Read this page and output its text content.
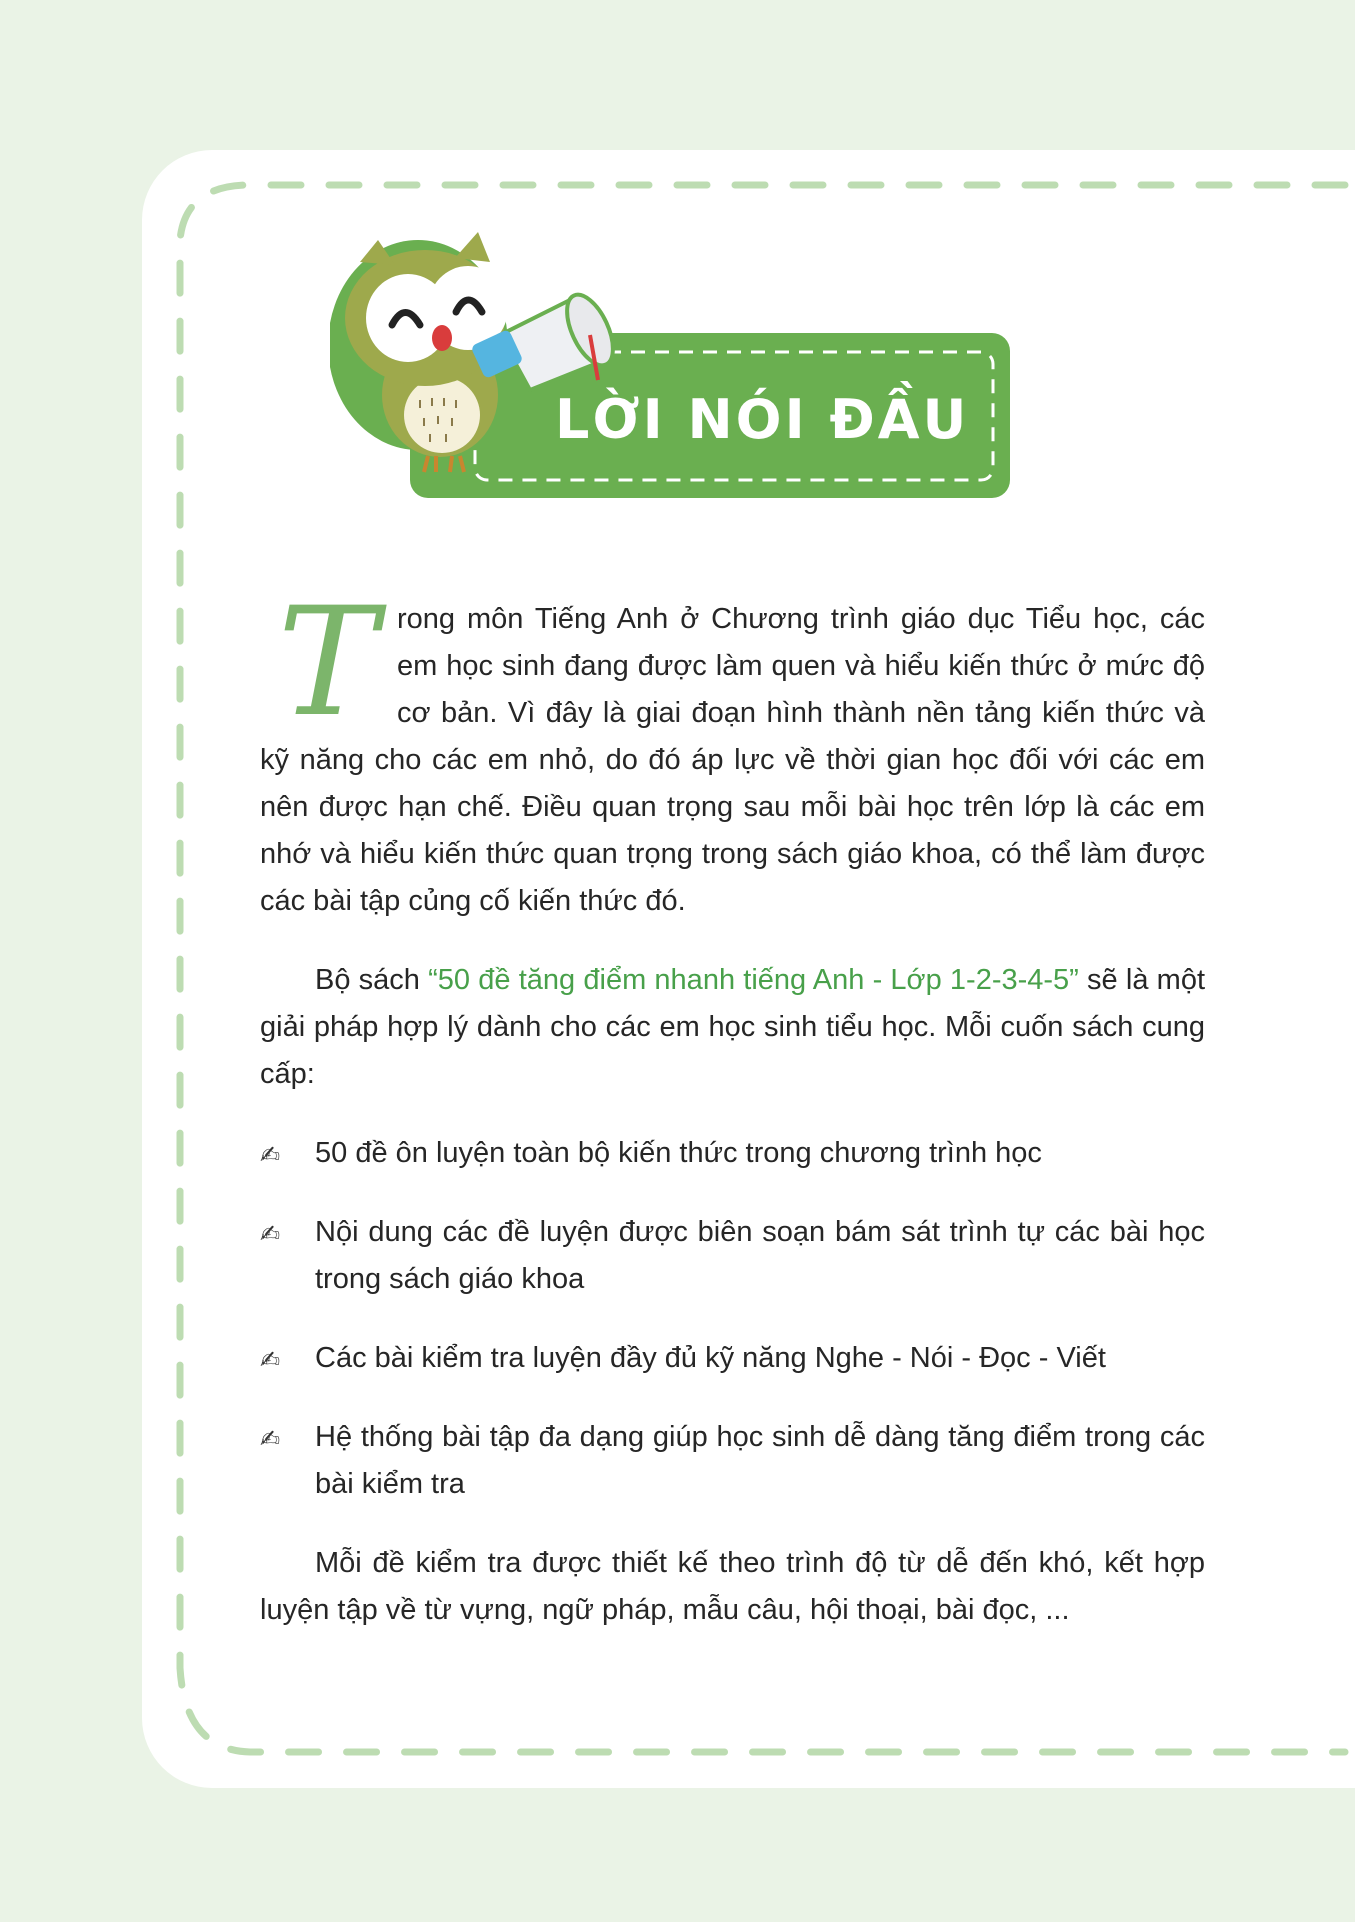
LỜI NÓI ĐẦU
T rong môn Tiếng Anh ở Chương trình giáo dục Tiểu học, các em học sinh đang được làm quen và hiểu kiến thức ở mức độ cơ bản. Vì đây là giai đoạn hình thành nền tảng kiến thức và kỹ năng cho các em nhỏ, do đó áp lực về thời gian học đối với các em nên được hạn chế. Điều quan trọng sau mỗi bài học trên lớp là các em nhớ và hiểu kiến thức quan trọng trong sách giáo khoa, có thể làm được các bài tập củng cố kiến thức đó.

Bộ sách “50 đề tăng điểm nhanh tiếng Anh - Lớp 1-2-3-4-5” sẽ là một giải pháp hợp lý dành cho các em học sinh tiểu học. Mỗi cuốn sách cung cấp:

✍	50 đề ôn luyện toàn bộ kiến thức trong chương trình học
✍	Nội dung các đề luyện được biên soạn bám sát trình tự các bài học trong sách giáo khoa
✍	Các bài kiểm tra luyện đầy đủ kỹ năng Nghe - Nói - Đọc - Viết
✍	Hệ thống bài tập đa dạng giúp học sinh dễ dàng tăng điểm trong các bài kiểm tra

Mỗi đề kiểm tra được thiết kế theo trình độ từ dễ đến khó, kết hợp luyện tập về từ vựng, ngữ pháp, mẫu câu, hội thoại, bài đọc, ...
